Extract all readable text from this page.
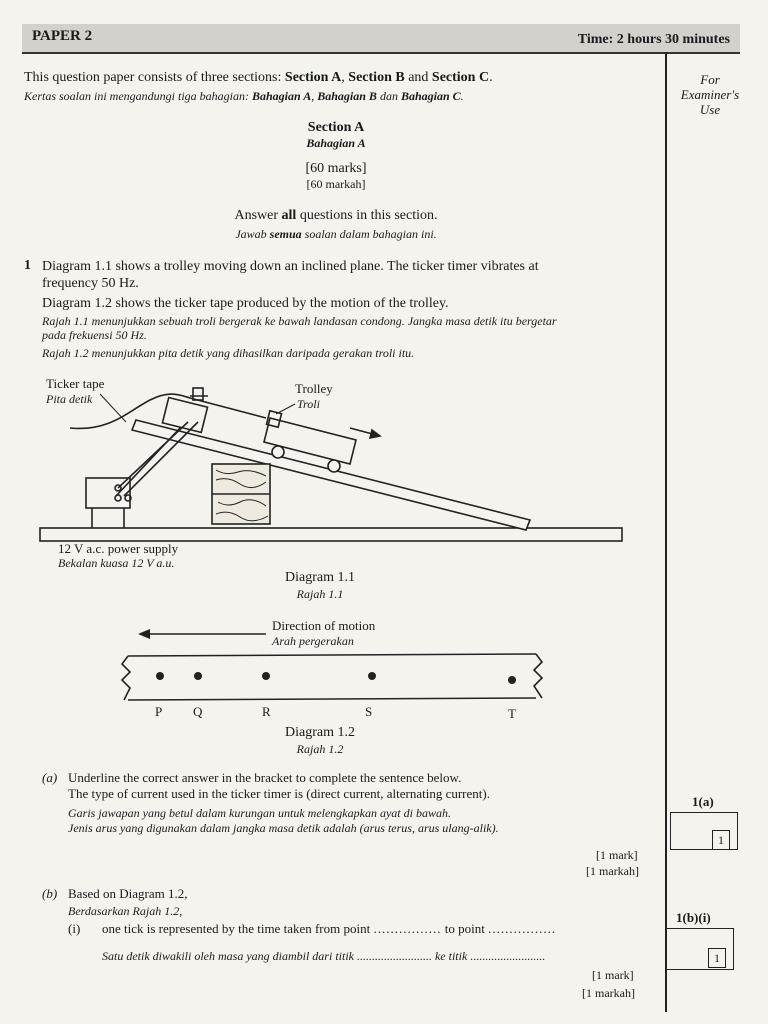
PAPER 2	Time: 2 hours 30 minutes
For
Examiner's
Use
This question paper consists of three sections: Section A, Section B and Section C.
Kertas soalan ini mengandungi tiga bahagian: Bahagian A, Bahagian B dan Bahagian C.
Section A
Bahagian A
[60 marks]
[60 markah]
Answer all questions in this section.
Jawab semua soalan dalam bahagian ini.
1 Diagram 1.1 shows a trolley moving down an inclined plane. The ticker timer vibrates at
frequency 50 Hz.
Diagram 1.2 shows the ticker tape produced by the motion of the trolley.
Rajah 1.1 menunjukkan sebuah troli bergerak ke bawah landasan condong. Jangka masa detik itu bergetar
pada frekuensi 50 Hz.
Rajah 1.2 menunjukkan pita detik yang dihasilkan daripada gerakan troli itu.
Ticker tape
Pita detik
Trolley
Troli
12 V a.c. power supply
Bekalan kuasa 12 V a.u.
Diagram 1.1
Rajah 1.1
Direction of motion
Arah pergerakan
P Q	R	S	T
Diagram 1.2
Rajah 1.2
(a) Underline the correct answer in the bracket to complete the sentence below.
The type of current used in the ticker timer is (direct current, alternating current).
Garis jawapan yang betul dalam kurungan untuk melengkapkan ayat di bawah.
Jenis arus yang digunakan dalam jangka masa detik adalah (arus terus, arus ulang-alik).
[1 mark]
[1 markah]
1(a)
1
(b) Based on Diagram 1.2,
Berdasarkan Rajah 1.2,
(i) one tick is represented by the time taken from point ................ to point ................
Satu detik diwakili oleh masa yang diambil dari titik ......................... ke titik .........................
[1 mark]
[1 markah]
1(b)(i)
1
